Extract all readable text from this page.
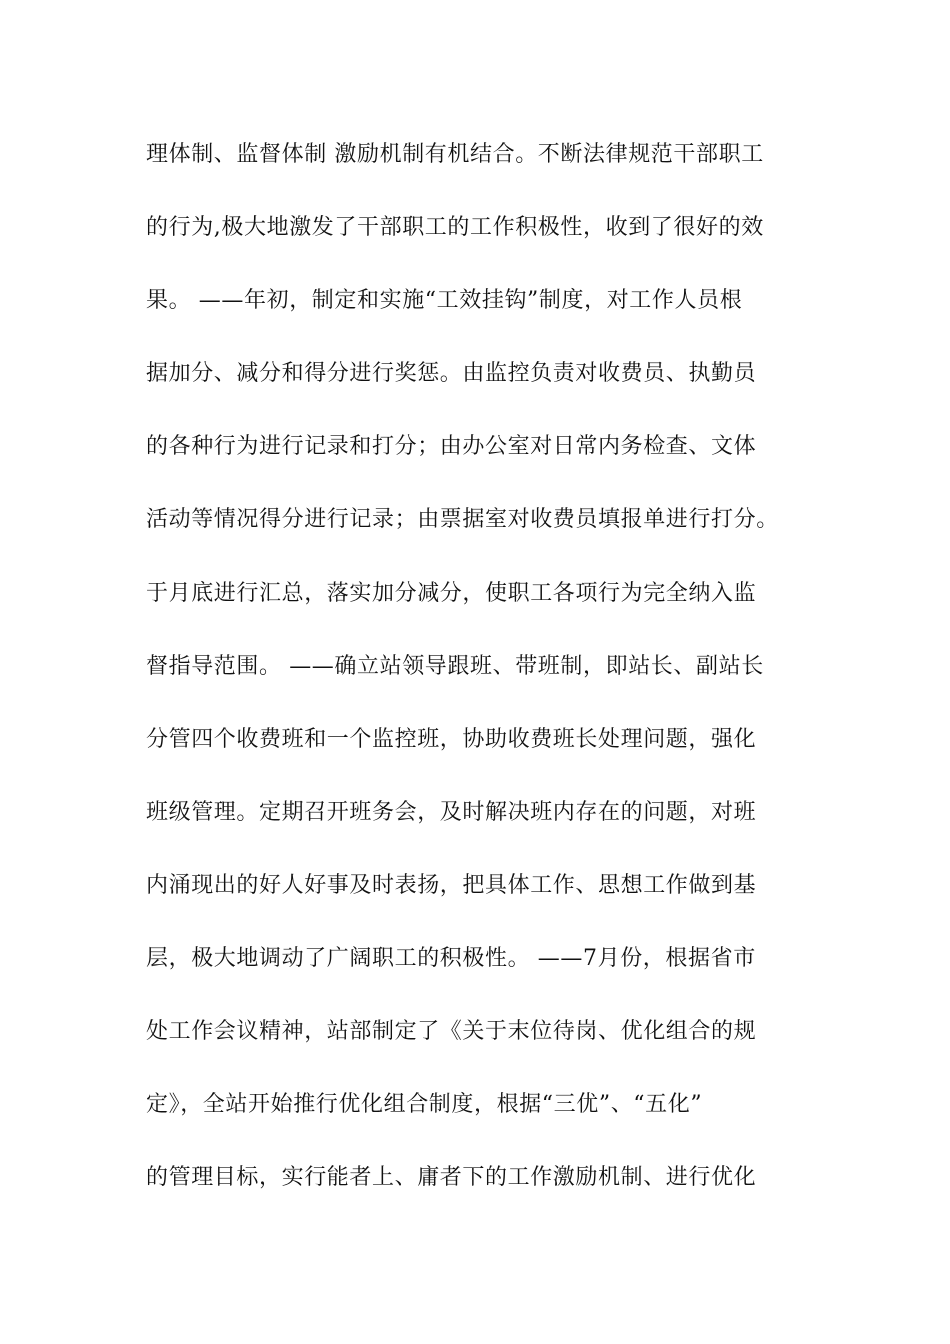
理体制、监督体制 激励机制有机结合。不断法律规范干部职工

的行为,极大地激发了干部职工的工作积极性，收到了很好的效

果。 ——年初，制定和实施“工效挂钩”制度，对工作人员根

据加分、减分和得分进行奖惩。由监控负责对收费员、执勤员

的各种行为进行记录和打分；由办公室对日常内务检查、文体

活动等情况得分进行记录；由票据室对收费员填报单进行打分。

于月底进行汇总，落实加分减分，使职工各项行为完全纳入监

督指导范围。 ——确立站领导跟班、带班制，即站长、副站长

分管四个收费班和一个监控班，协助收费班长处理问题，强化

班级管理。定期召开班务会，及时解决班内存在的问题，对班

内涌现出的好人好事及时表扬，把具体工作、思想工作做到基

层，极大地调动了广阔职工的积极性。 ——7月份，根据省市

处工作会议精神，站部制定了《关于末位待岗、优化组合的规

定》，全站开始推行优化组合制度，根据“三优”、“五化”

的管理目标，实行能者上、庸者下的工作激励机制、进行优化
